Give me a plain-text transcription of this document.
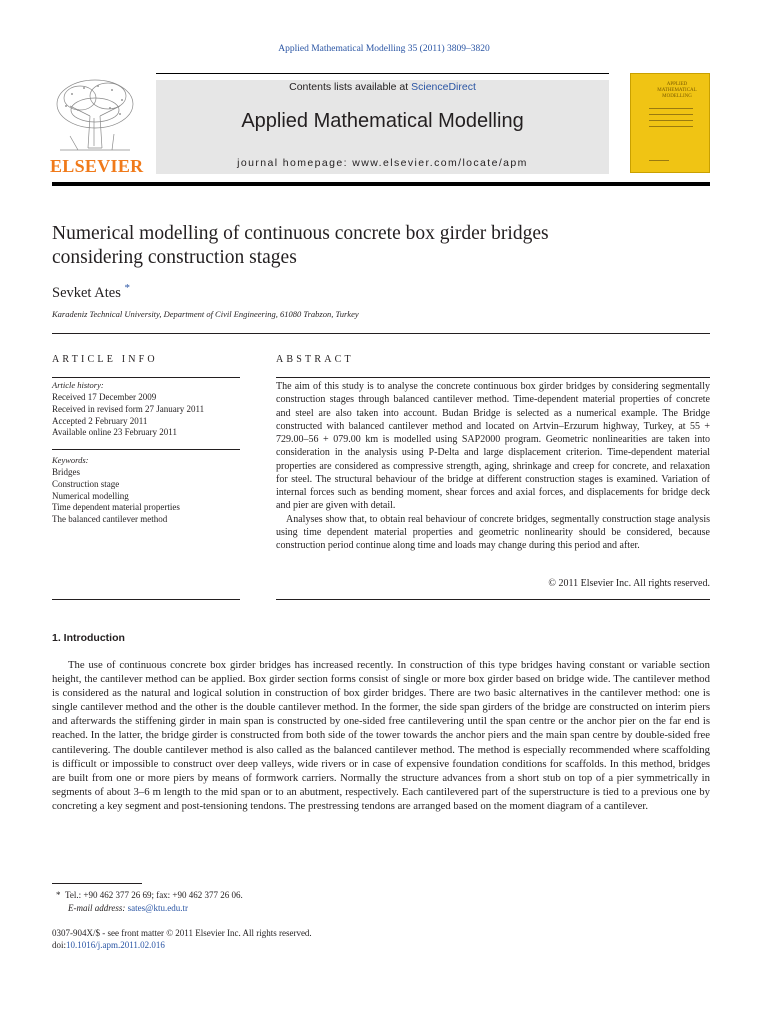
Applied Mathematical Modelling 35 (2011) 3809–3820
ELSEVIER
Contents lists available at ScienceDirect
Applied Mathematical Modelling
journal homepage: www.elsevier.com/locate/apm
APPLIED MATHEMATICAL MODELLING
Numerical modelling of continuous concrete box girder bridges
considering construction stages
Sevket Ates *
Karadeniz Technical University, Department of Civil Engineering, 61080 Trabzon, Turkey
ARTICLE INFO
Article history:
Received 17 December 2009
Received in revised form 27 January 2011
Accepted 2 February 2011
Available online 23 February 2011
Keywords:
Bridges
Construction stage
Numerical modelling
Time dependent material properties
The balanced cantilever method
ABSTRACT

The aim of this study is to analyse the concrete continuous box girder bridges by considering segmentally construction stages through balanced cantilever method. Time-dependent material properties of concrete and steel are also taken into account. Budan Bridge is selected as a numerical example. The Bridge constructed with balanced cantilever method and located on Artvin–Erzurum highway, Turkey, at 55 + 729.00–56 + 079.00 km is modelled using SAP2000 program. Geometric nonlinearities are taken into consideration in the analysis using P-Delta and large displacement criterion. Time-dependent material properties are considered as compressive strength, aging, shrinkage and creep for concrete, and relaxation for steel. The structural behaviour of the bridge at different construction stages is examined. Variation of internal forces such as bending moment, shear forces and axial forces, and displacements for bridge deck and pier are given with detail.

Analyses show that, to obtain real behaviour of concrete bridges, segmentally construction stage analysis using time dependent material properties and geometric nonlinearity should be considered, because construction period continue along time and loads may change during this period and after.

© 2011 Elsevier Inc. All rights reserved.
1. Introduction
The use of continuous concrete box girder bridges has increased recently. In construction of this type bridges having constant or variable section height, the cantilever method can be applied. Box girder section forms consist of single or more box girder based on bridge wide. The cantilever method is considered as the natural and logical solution in construction of box girder bridges. There are two basic alternatives in the cantilever method: one is single cantilever method and the other is the double cantilever method. In the former, the side span girders of the bridge are constructed on interim piers and afterwards the stiffening girder in main span is constructed by one-sided free cantilevering until the span centre or the anchor pier on the far end is reached. In the latter, the bridge girder is constructed from both side of the tower towards the anchor piers and the main span centre by double-sided free cantilevering. The double cantilever method is also called as the balanced cantilever method. The method is especially recommended where scaffolding is difficult or impossible to construct over deep valleys, wide rivers or in case of expensive foundation conditions for scaffolds. In this method, bridges are built from one or more piers by means of formwork carriers. Normally the structure advances from a short stub on top of a pier symmetrically in segments of about 3–6 m length to the mid span or to an abutment, respectively. Each cantilevered part of the superstructure is tied to a previous one by concreting a key segment and post-tensioning tendons. The prestressing tendons are arranged based on the moment diagram of a cantilever.
* Tel.: +90 462 377 26 69; fax: +90 462 377 26 06.
E-mail address: sates@ktu.edu.tr
0307-904X/$ - see front matter © 2011 Elsevier Inc. All rights reserved.
doi:10.1016/j.apm.2011.02.016
